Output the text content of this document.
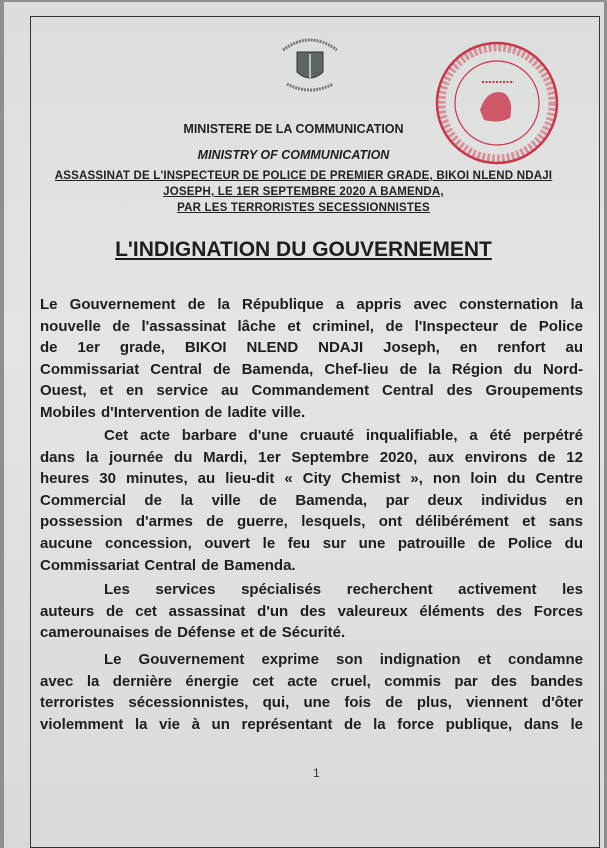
MINISTERE DE LA COMMUNICATION
MINISTRY OF COMMUNICATION
ASSASSINAT DE L'INSPECTEUR DE POLICE DE PREMIER GRADE, BIKOI NLEND NDAJI
JOSEPH, LE 1ER SEPTEMBRE 2020 A BAMENDA,
PAR LES TERRORISTES SECESSIONNISTES
L'INDIGNATION DU GOUVERNEMENT
Le Gouvernement de la République a appris avec consternation la
nouvelle de l'assassinat lâche et criminel, de l'Inspecteur de Police
de 1er grade, BIKOI NLEND NDAJI Joseph, en renfort au
Commissariat Central de Bamenda, Chef-lieu de la Région du Nord-
Ouest, et en service au Commandement Central des Groupements
Mobiles d'Intervention de ladite ville.
Cet acte barbare d'une cruauté inqualifiable, a été perpétré
dans la journée du Mardi, 1er Septembre 2020, aux environs de 12
heures 30 minutes, au lieu-dit « City Chemist », non loin du Centre
Commercial de la ville de Bamenda, par deux individus en
possession d'armes de guerre, lesquels, ont délibérément et sans
aucune concession, ouvert le feu sur une patrouille de Police du
Commissariat Central de Bamenda.
Les services spécialisés recherchent activement les
auteurs de cet assassinat d'un des valeureux éléments des Forces
camerounaises de Défense et de Sécurité.
Le Gouvernement exprime son indignation et condamne
avec la dernière énergie cet acte cruel, commis par des bandes
terroristes sécessionnistes, qui, une fois de plus, viennent d'ôter
violemment la vie à un représentant de la force publique, dans le
1
